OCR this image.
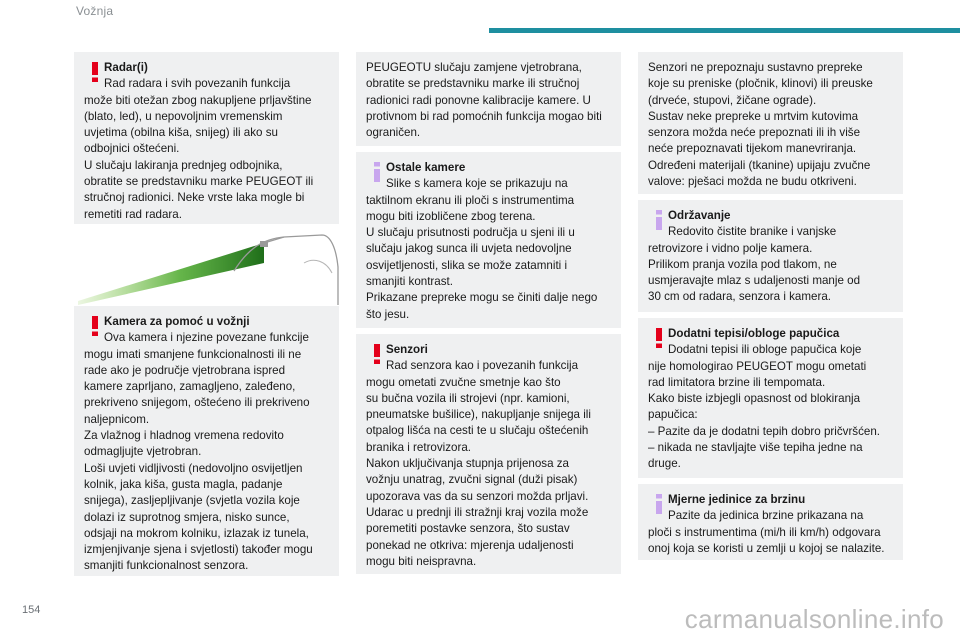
Vožnja

Radar(i)

Rad radara i svih povezanih funkcija
može biti otežan zbog nakupljene prljavštine
(blato, led), u nepovoljnim vremenskim
uvjetima (obilna kiša, snijeg) ili ako su
odbojnici oštećeni.
U slučaju lakiranja prednjeg odbojnika,
obratite se predstavniku marke PEUGEOT ili
stručnoj radionici. Neke vrste laka mogle bi
remetiti rad radara.

Kamera za pomoć u vožnji

Ova kamera i njezine povezane funkcije
mogu imati smanjene funkcionalnosti ili ne
rade ako je područje vjetrobrana ispred
kamere zaprljano, zamagljeno, zaleđeno,
prekriveno snijegom, oštećeno ili prekriveno
naljepnicom.
Za vlažnog i hladnog vremena redovito
odmagljujte vjetrobran.
Loši uvjeti vidljivosti (nedovoljno osvijetljen
kolnik, jaka kiša, gusta magla, padanje
snijega), zasljepljivanje (svjetla vozila koje
dolazi iz suprotnog smjera, nisko sunce,
odsjaji na mokrom kolniku, izlazak iz tunela,
izmjenjivanje sjena i svjetlosti) također mogu
smanjiti funkcionalnost senzora.

PEUGEOTU slučaju zamjene vjetrobrana,
obratite se predstavniku marke ili stručnoj
radionici radi ponovne kalibracije kamere. U
protivnom bi rad pomoćnih funkcija mogao biti
ograničen.

Ostale kamere

Slike s kamera koje se prikazuju na
taktilnom ekranu ili ploči s instrumentima
mogu biti izobličene zbog terena.
U slučaju prisutnosti područja u sjeni ili u
slučaju jakog sunca ili uvjeta nedovoljne
osvijetljenosti, slika se može zatamniti i
smanjiti kontrast.
Prikazane prepreke mogu se činiti dalje nego
što jesu.

Senzori

Rad senzora kao i povezanih funkcija
mogu ometati zvučne smetnje kao što
su bučna vozila ili strojevi (npr. kamioni,
pneumatske bušilice), nakupljanje snijega ili
otpalog lišća na cesti te u slučaju oštećenih
branika i retrovizora.
Nakon uključivanja stupnja prijenosa za
vožnju unatrag, zvučni signal (duži pisak)
upozorava vas da su senzori možda prljavi.
Udarac u prednji ili stražnji kraj vozila može
poremetiti postavke senzora, što sustav
ponekad ne otkriva: mjerenja udaljenosti
mogu biti neispravna.

Senzori ne prepoznaju sustavno prepreke
koje su preniske (pločnik, klinovi) ili preuske
(drveće, stupovi, žičane ograde).
Sustav neke prepreke u mrtvim kutovima
senzora možda neće prepoznati ili ih više
neće prepoznavati tijekom manevriranja.
Određeni materijali (tkanine) upijaju zvučne
valove: pješaci možda ne budu otkriveni.

Održavanje

Redovito čistite branike i vanjske
retrovizore i vidno polje kamera.
Prilikom pranja vozila pod tlakom, ne
usmjeravajte mlaz s udaljenosti manje od
30 cm od radara, senzora i kamera.

Dodatni tepisi/obloge papučica

Dodatni tepisi ili obloge papučica koje
nije homologirao PEUGEOT mogu ometati
rad limitatora brzine ili tempomata.
Kako biste izbjegli opasnost od blokiranja
papučica:
– Pazite da je dodatni tepih dobro pričvršćen.
– nikada ne stavljajte više tepiha jedne na
druge.

Mjerne jedinice za brzinu

Pazite da jedinica brzine prikazana na
ploči s instrumentima (mi/h ili km/h) odgovara
onoj koja se koristi u zemlji u kojoj se nalazite.

154	carmanualsonline.info
